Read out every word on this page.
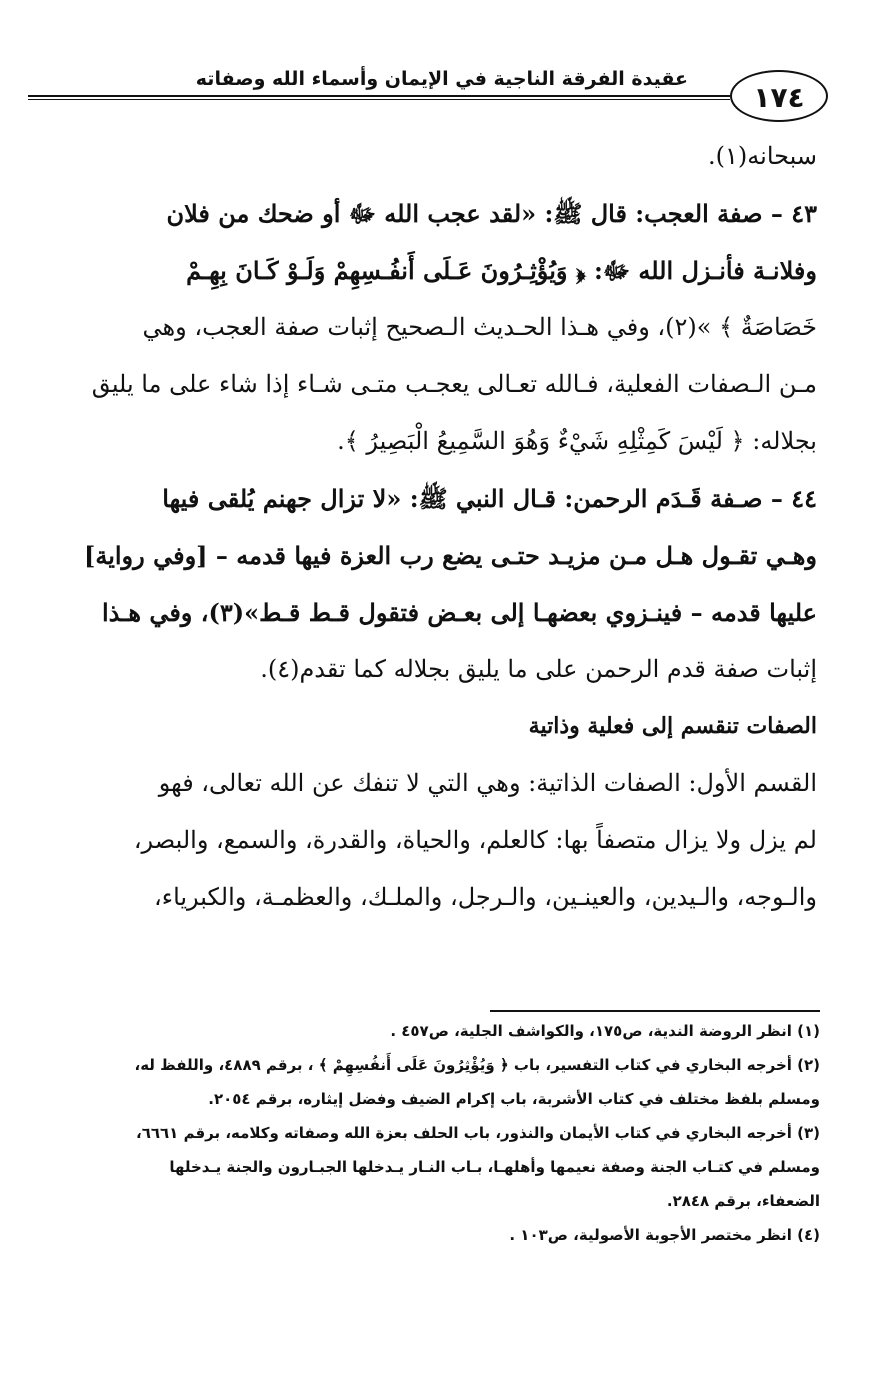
عقيدة الفرقة الناجية في الإيمان وأسماء الله وصفاته
١٧٤
سبحانه(١).
٤٣ – صفة العجب: قال ﷺ: «لقد عجب الله ﷻ أو ضحك من فلان
وفلانـة فأنـزل الله ﷻ: ﴿ وَيُؤْثِـرُونَ عَـلَى أَنفُـسِهِمْ وَلَـوْ كَـانَ بِهِـمْ
خَصَاصَةٌ ﴾ »(٢)، وفي هـذا الحـديث الـصحيح إثبات صفة العجب، وهي
مـن الـصفات الفعلية، فـالله تعـالى يعجـب متـى شـاء إذا شاء على ما يليق
بجلاله: ﴿ لَيْسَ كَمِثْلِهِ شَيْءٌ وَهُوَ السَّمِيعُ الْبَصِيرُ ﴾.
٤٤ – صـفة قَـدَم الرحمن: قـال النبي ﷺ: «لا تزال جهنم يُلقى فيها
وهـي تقـول هـل مـن مزيـد حتـى يضع رب العزة فيها قدمه – [وفي رواية]
عليها قدمه – فينـزوي بعضهـا إلى بعـض فتقول قـط قـط»(٣)، وفي هـذا
إثبات صفة قدم الرحمن على ما يليق بجلاله كما تقدم(٤).
الصفات تنقسم إلى فعلية وذاتية
القسم الأول: الصفات الذاتية: وهي التي لا تنفك عن الله تعالى، فهو
لم يزل ولا يزال متصفاً بها: كالعلم، والحياة، والقدرة، والسمع، والبصر،
والـوجه، والـيدين، والعينـين، والـرجل، والملـك، والعظمـة، والكبرياء،
(١) انظر الروضة الندية، ص١٧٥، والكواشف الجلية، ص٤٥٧ .
(٢) أخرجه البخاري في كتاب التفسير، باب ﴿ وَيُؤْثِرُونَ عَلَى أَنفُسِهِمْ ﴾ ، برقم ٤٨٨٩، واللفظ له،
ومسلم بلفظ مختلف في كتاب الأشربة، باب إكرام الضيف وفضل إيثاره، برقم ٢٠٥٤.
(٣) أخرجه البخاري في كتاب الأيمان والنذور، باب الحلف بعزة الله وصفاته وكلامه، برقم ٦٦٦١،
ومسلم في كتـاب الجنة وصفة نعيمها وأهلهـا، بـاب النـار يـدخلها الجبـارون والجنة يـدخلها
الضعفاء، برقم ٢٨٤٨.
(٤) انظر مختصر الأجوبة الأصولية، ص١٠٣ .
